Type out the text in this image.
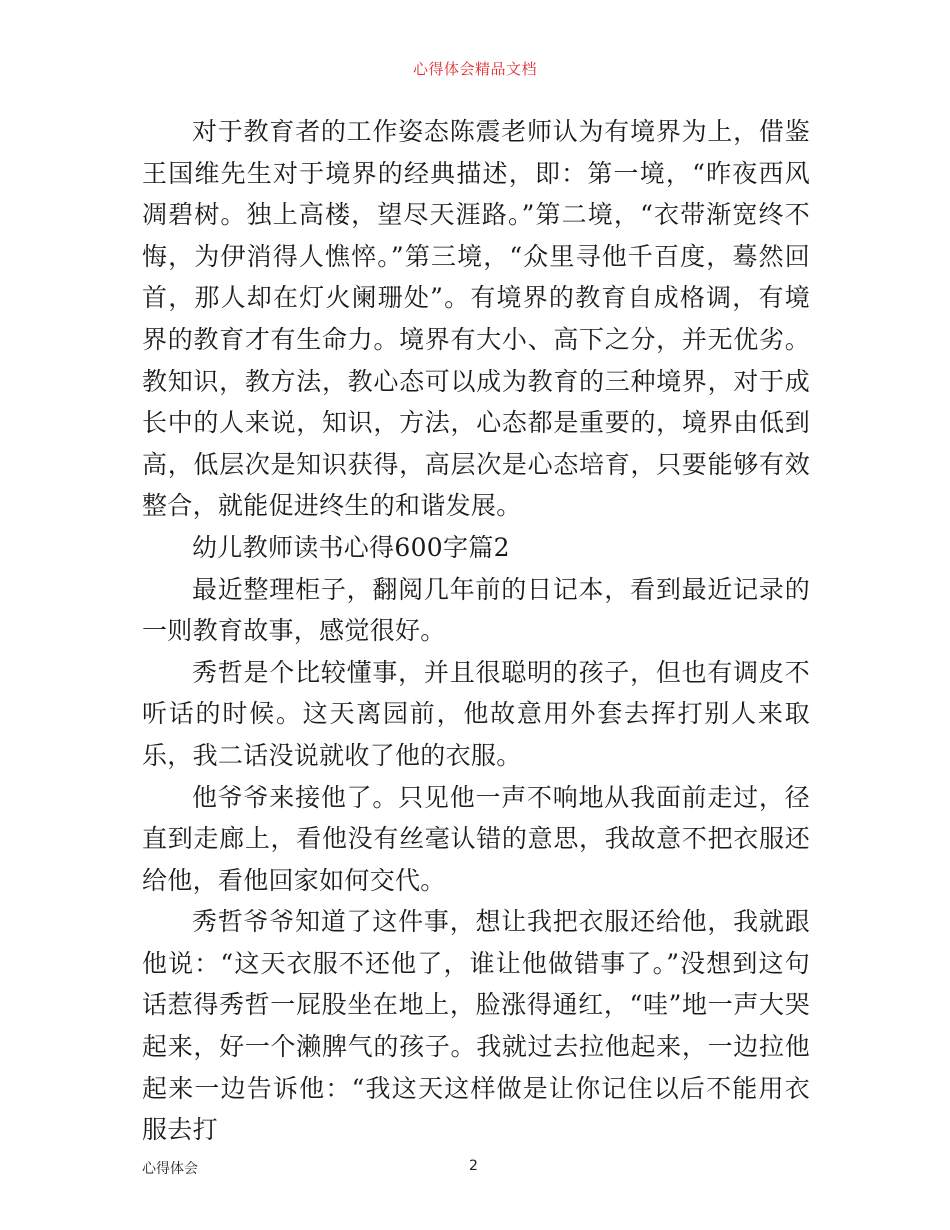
心得体会精品文档

对于教育者的工作姿态陈震老师认为有境界为上，借鉴王国维先生对于境界的经典描述，即：第一境，“昨夜西风凋碧树。独上高楼，望尽天涯路。”第二境，“衣带渐宽终不悔，为伊消得人憔悴。”第三境，“众里寻他千百度，蓦然回首，那人却在灯火阑珊处”。有境界的教育自成格调，有境界的教育才有生命力。境界有大小、高下之分，并无优劣。教知识，教方法，教心态可以成为教育的三种境界，对于成长中的人来说，知识，方法，心态都是重要的，境界由低到高，低层次是知识获得，高层次是心态培育，只要能够有效整合，就能促进终生的和谐发展。

幼儿教师读书心得600字篇2

最近整理柜子，翻阅几年前的日记本，看到最近记录的一则教育故事，感觉很好。

秀哲是个比较懂事，并且很聪明的孩子，但也有调皮不听话的时候。这天离园前，他故意用外套去挥打别人来取乐，我二话没说就收了他的衣服。

他爷爷来接他了。只见他一声不响地从我面前走过，径直到走廊上，看他没有丝毫认错的意思，我故意不把衣服还给他，看他回家如何交代。

秀哲爷爷知道了这件事，想让我把衣服还给他，我就跟他说：“这天衣服不还他了，谁让他做错事了。”没想到这句话惹得秀哲一屁股坐在地上，脸涨得通红，“哇”地一声大哭起来，好一个濑脾气的孩子。我就过去拉他起来，一边拉他起来一边告诉他：“我这天这样做是让你记住以后不能用衣服去打

心得体会	2
